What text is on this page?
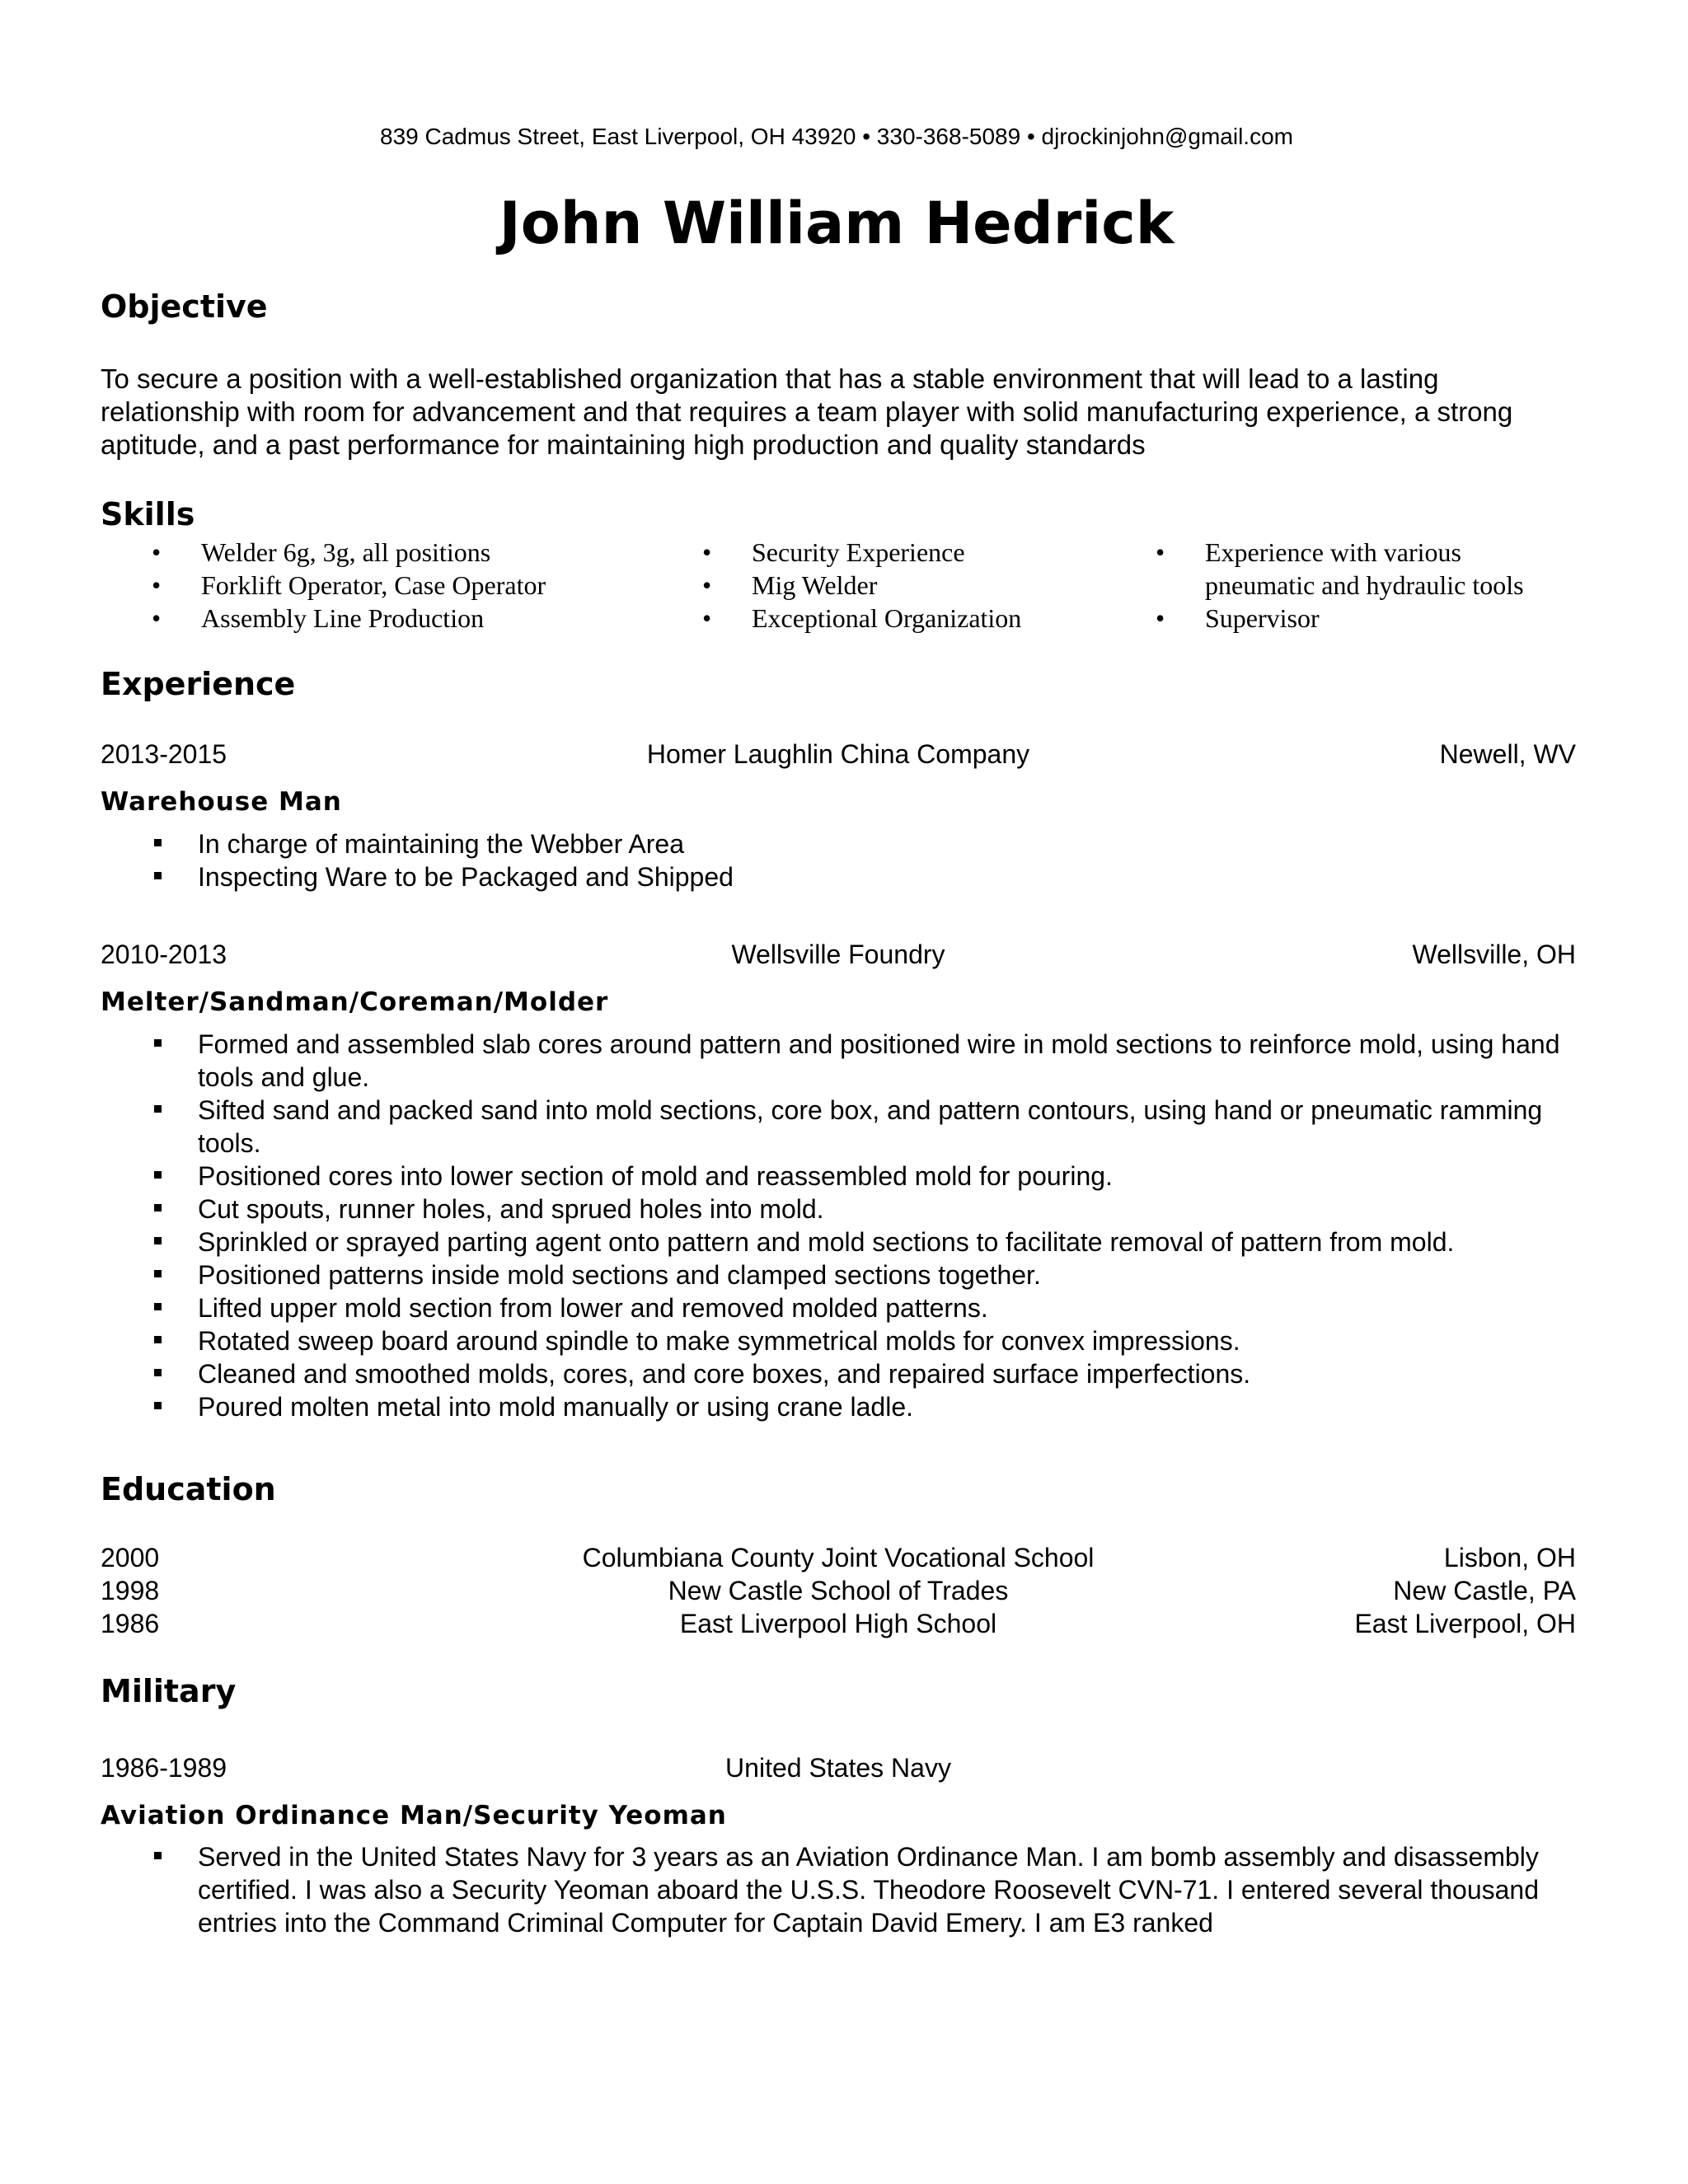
839 Cadmus Street, East Liverpool, OH 43920 • 330-368-5089 • djrockinjohn@gmail.com
John William Hedrick
Objective
To secure a position with a well-established organization that has a stable environment that will lead to a lasting relationship with room for advancement and that requires a team player with solid manufacturing experience, a strong aptitude, and a past performance for maintaining high production and quality standards
Skills
• Welder 6g, 3g, all positions
• Forklift Operator, Case Operator
• Assembly Line Production
• Security Experience
• Mig Welder
• Exceptional Organization
• Experience with various pneumatic and hydraulic tools
• Supervisor
Experience
2013-2015	Homer Laughlin China Company	Newell, WV
Warehouse Man
In charge of maintaining the Webber Area
Inspecting Ware to be Packaged and Shipped
2010-2013	Wellsville Foundry	Wellsville, OH
Melter/Sandman/Coreman/Molder
Formed and assembled slab cores around pattern and positioned wire in mold sections to reinforce mold, using hand tools and glue.
Sifted sand and packed sand into mold sections, core box, and pattern contours, using hand or pneumatic ramming tools.
Positioned cores into lower section of mold and reassembled mold for pouring.
Cut spouts, runner holes, and sprued holes into mold.
Sprinkled or sprayed parting agent onto pattern and mold sections to facilitate removal of pattern from mold.
Positioned patterns inside mold sections and clamped sections together.
Lifted upper mold section from lower and removed molded patterns.
Rotated sweep board around spindle to make symmetrical molds for convex impressions.
Cleaned and smoothed molds, cores, and core boxes, and repaired surface imperfections.
Poured molten metal into mold manually or using crane ladle.
Education
2000	Columbiana County Joint Vocational School	Lisbon, OH
1998	New Castle School of Trades	New Castle, PA
1986	East Liverpool High School	East Liverpool, OH
Military
1986-1989	United States Navy
Aviation Ordinance Man/Security Yeoman
Served in the United States Navy for 3 years as an Aviation Ordinance Man. I am bomb assembly and disassembly certified. I was also a Security Yeoman aboard the U.S.S. Theodore Roosevelt CVN-71. I entered several thousand entries into the Command Criminal Computer for Captain David Emery. I am E3 ranked
